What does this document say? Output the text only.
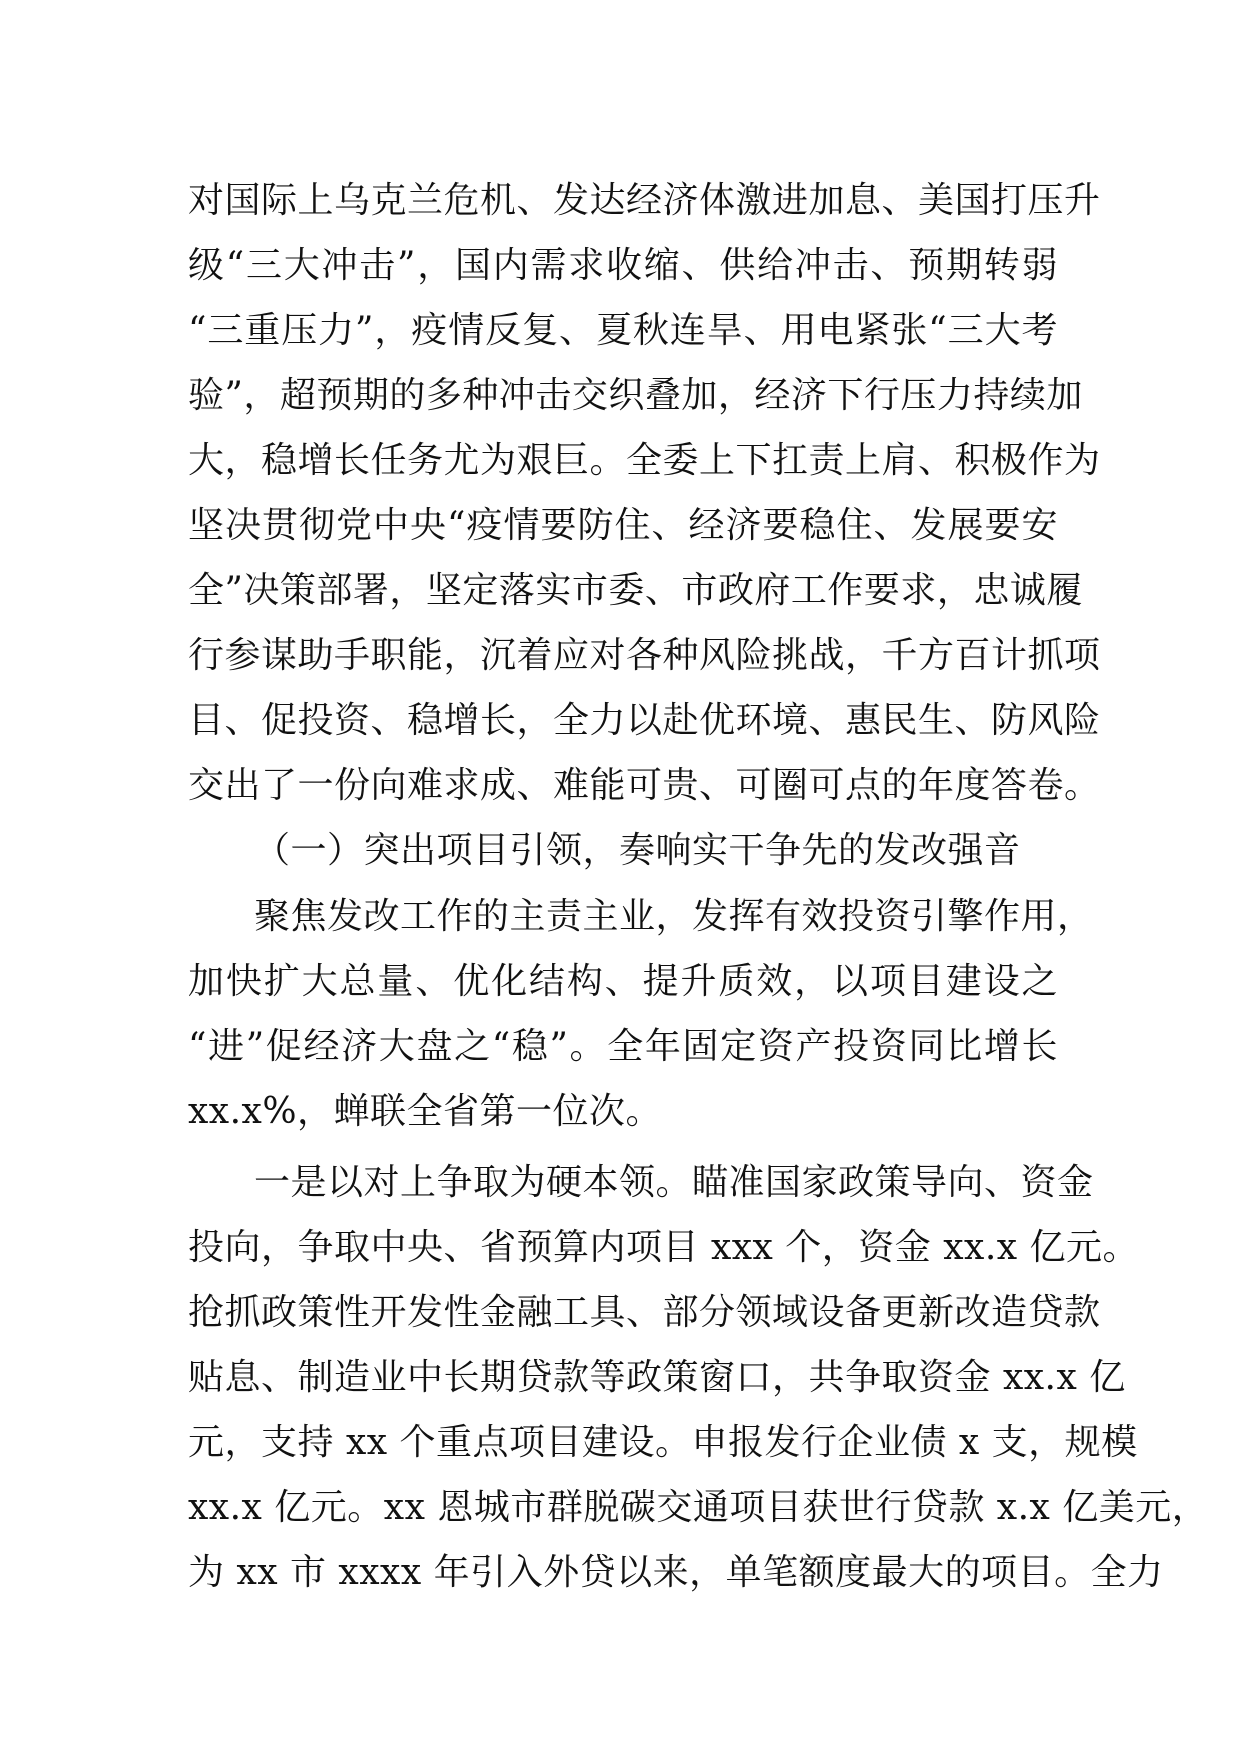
对国际上乌克兰危机、发达经济体激进加息、美国打压升
级“三大冲击”，国内需求收缩、供给冲击、预期转弱
“三重压力”，疫情反复、夏秋连旱、用电紧张“三大考
验”，超预期的多种冲击交织叠加，经济下行压力持续加
大，稳增长任务尤为艰巨。全委上下扛责上肩、积极作为
坚决贯彻党中央“疫情要防住、经济要稳住、发展要安
全”决策部署，坚定落实市委、市政府工作要求，忠诚履
行参谋助手职能，沉着应对各种风险挑战，千方百计抓项
目、促投资、稳增长，全力以赴优环境、惠民生、防风险
交出了一份向难求成、难能可贵、可圈可点的年度答卷。
（一）突出项目引领，奏响实干争先的发改强音
聚焦发改工作的主责主业，发挥有效投资引擎作用，
加快扩大总量、优化结构、提升质效，以项目建设之
“进”促经济大盘之“稳”。全年固定资产投资同比增长
xx.x%，蝉联全省第一位次。
一是以对上争取为硬本领。瞄准国家政策导向、资金
投向，争取中央、省预算内项目 xxx 个，资金 xx.x 亿元。
抢抓政策性开发性金融工具、部分领域设备更新改造贷款
贴息、制造业中长期贷款等政策窗口，共争取资金 xx.x 亿
元，支持 xx 个重点项目建设。申报发行企业债 x 支，规模
xx.x 亿元。xx 恩城市群脱碳交通项目获世行贷款 x.x 亿美元，
为 xx 市 xxxx 年引入外贷以来，单笔额度最大的项目。全力
